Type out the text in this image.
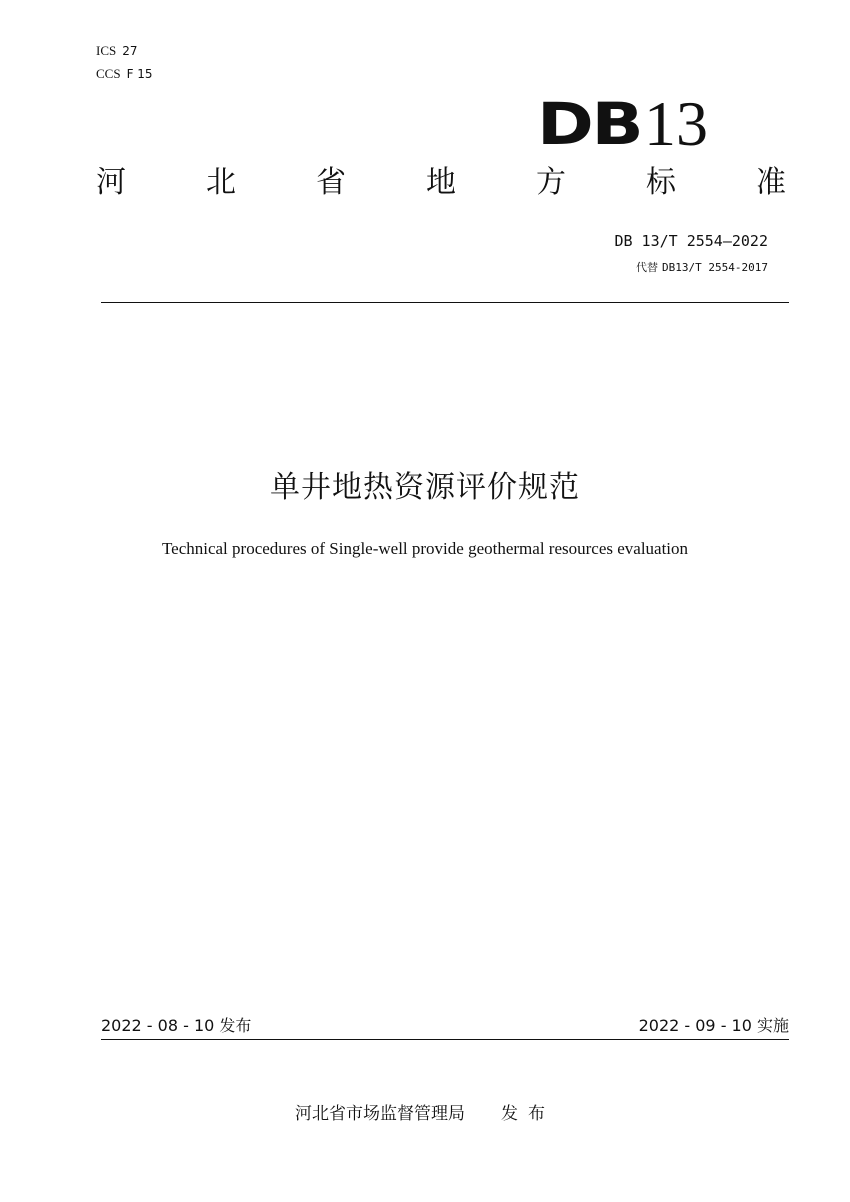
ICS 27
CCS F 15
DB 13
河	北	省	地	方	标	准
DB 13/T 2554—2022
代替 DB13/T 2554-2017
单井地热资源评价规范
Technical procedures of Single-well provide geothermal resources evaluation
2022 - 08 - 10 发布	2022 - 09 - 10 实施
河北省市场监督管理局 发布
